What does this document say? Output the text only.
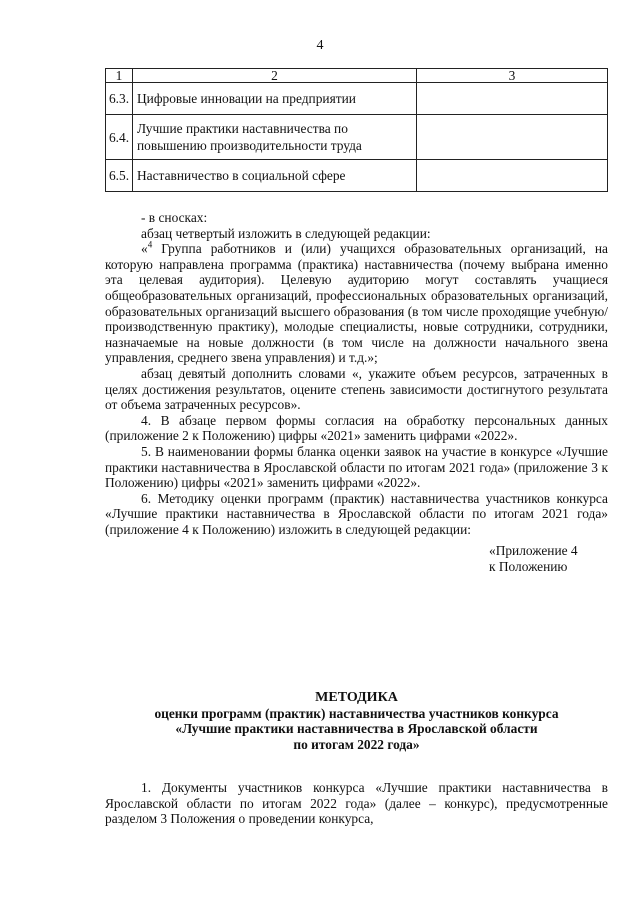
4
1	2	3
6.3.	Цифровые инновации на предприятии	
6.4.	Лучшие практики наставничества по повышению производительности труда	
6.5.	Наставничество в социальной сфере	

- в сносках:

абзац четвертый изложить в следующей редакции:

«$^4$ Группа работников и (или) учащихся образовательных организаций, на которую направлена программа (практика) наставничества (почему выбрана именно эта целевая аудитория). Целевую аудиторию могут составлять учащиеся общеобразовательных организаций, профессиональных образовательных организаций, образовательных организаций высшего образования (в том числе проходящие учебную/производственную практику), молодые специалисты, новые сотрудники, сотрудники, назначаемые на новые должности (в том числе на должности начального звена управления, среднего звена управления) и т.д.»;

абзац девятый дополнить словами «, укажите объем ресурсов, затраченных в целях достижения результатов, оцените степень зависимости достигнутого результата от объема затраченных ресурсов».

4. В абзаце первом формы согласия на обработку персональных данных (приложение 2 к Положению) цифры «2021» заменить цифрами «2022».

5. В наименовании формы бланка оценки заявок на участие в конкурсе «Лучшие практики наставничества в Ярославской области по итогам 2021 года» (приложение 3 к Положению) цифры «2021» заменить цифрами «2022».

6. Методику оценки программ (практик) наставничества участников конкурса «Лучшие практики наставничества в Ярославской области по итогам 2021 года» (приложение 4 к Положению) изложить в следующей редакции:

«Приложение 4

к Положению

МЕТОДИКА

оценки программ (практик) наставничества участников конкурса

«Лучшие практики наставничества в Ярославской области

по итогам 2022 года»

1. Документы участников конкурса «Лучшие практики наставничества в Ярославской области по итогам 2022 года» (далее – конкурс), предусмотренные разделом 3 Положения о проведении конкурса,
